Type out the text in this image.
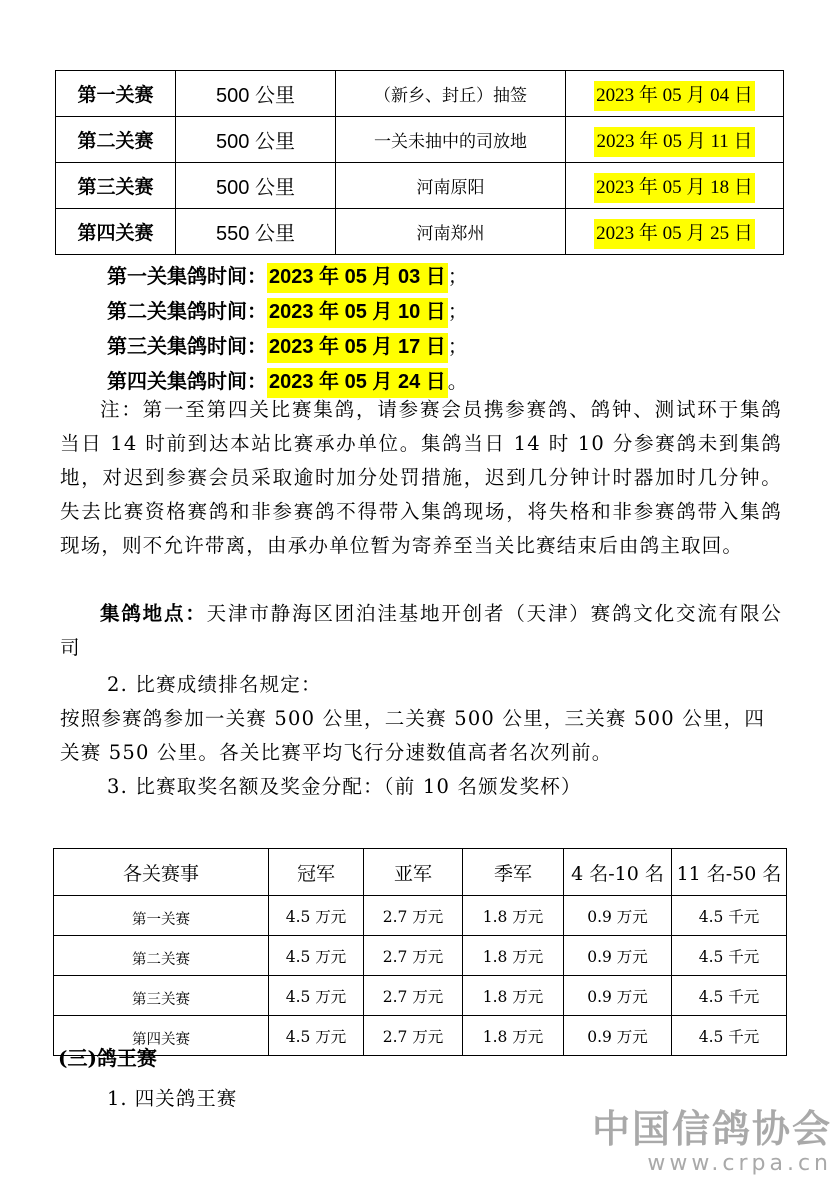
第一关赛	500 公里	（新乡、封丘）抽签	2023 年 05 月 04 日
第二关赛	500 公里	一关未抽中的司放地	2023 年 05 月 11 日
第三关赛	500 公里	河南原阳	2023 年 05 月 18 日
第四关赛	550 公里	河南郑州	2023 年 05 月 25 日
第一关集鸽时间： 2023 年 05 月 03 日 ；
第二关集鸽时间： 2023 年 05 月 10 日 ；
第三关集鸽时间： 2023 年 05 月 17 日 ；
第四关集鸽时间： 2023 年 05 月 24 日 。
注：第一至第四关比赛集鸽，请参赛会员携参赛鸽、鸽钟、测试环于集鸽当日 14 时前到达本站比赛承办单位。集鸽当日 14 时 10 分参赛鸽未到集鸽地，对迟到参赛会员采取逾时加分处罚措施，迟到几分钟计时器加时几分钟。失去比赛资格赛鸽和非参赛鸽不得带入集鸽现场，将失格和非参赛鸽带入集鸽现场，则不允许带离，由承办单位暂为寄养至当关比赛结束后由鸽主取回。
集鸽地点：天津市静海区团泊洼基地开创者（天津）赛鸽文化交流有限公司
2. 比赛成绩排名规定：
按照参赛鸽参加一关赛 500 公里，二关赛 500 公里，三关赛 500 公里，四
关赛 550 公里。各关比赛平均飞行分速数值高者名次列前。
3. 比赛取奖名额及奖金分配：（前 10 名颁发奖杯）
各关赛事	冠军	亚军	季军	4 名-10 名	11 名-50 名
第一关赛	4.5 万元	2.7 万元	1.8 万元	0.9 万元	4.5 千元
第二关赛	4.5 万元	2.7 万元	1.8 万元	0.9 万元	4.5 千元
第三关赛	4.5 万元	2.7 万元	1.8 万元	0.9 万元	4.5 千元
第四关赛	4.5 万元	2.7 万元	1.8 万元	0.9 万元	4.5 千元
(三)鸽王赛
1. 四关鸽王赛
中国信鸽协会
www.crpa.cn
